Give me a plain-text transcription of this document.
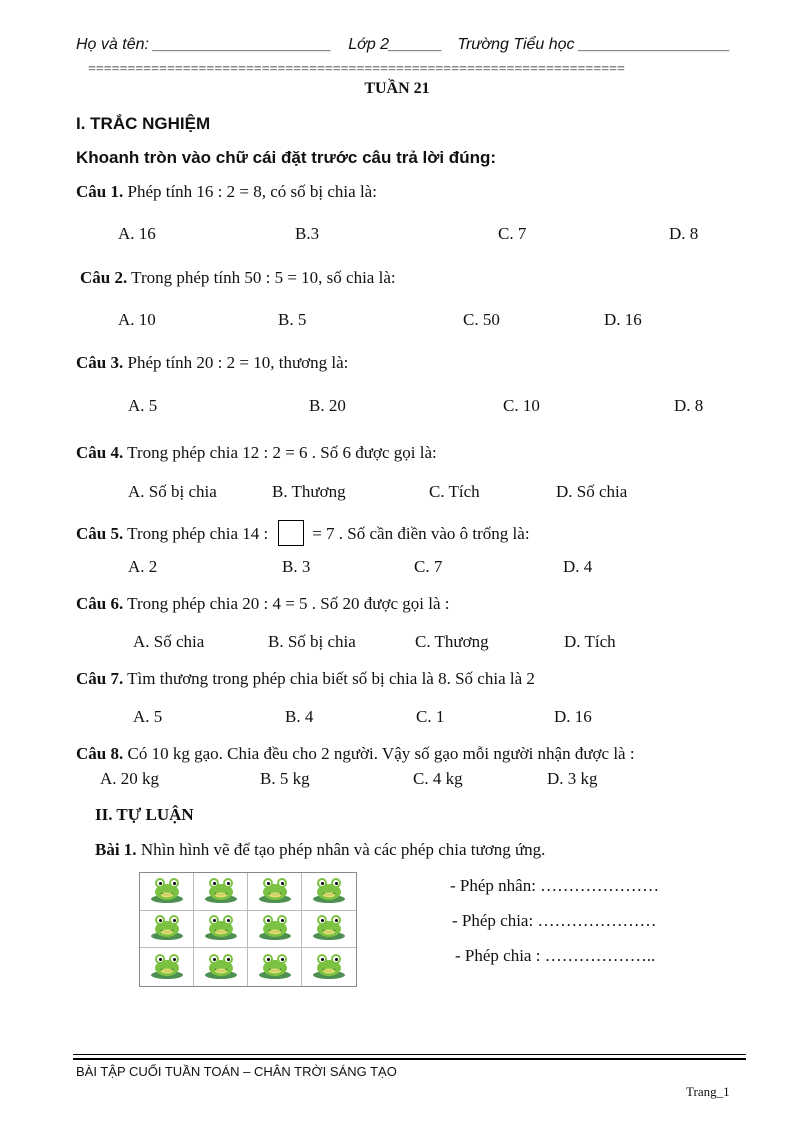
Họ và tên: ____________________ Lớp 2______ Trường Tiểu học _________________
====================================================================
TUẦN 21
I. TRẮC NGHIỆM
Khoanh tròn vào chữ cái đặt trước câu trả lời đúng:
Câu 1. Phép tính 16 : 2 = 8, có số bị chia là:
A. 16	B.3	C. 7	D. 8
Câu 2. Trong phép tính 50 : 5 = 10, số chia là:
A. 10	B. 5	C. 50	D. 16
Câu 3. Phép tính 20 : 2 = 10, thương là:
A. 5	B. 20	C. 10	D. 8
Câu 4. Trong phép chia 12 : 2 = 6 . Số 6 được gọi là:
A. Số bị chia	B. Thương	C. Tích	D. Số chia
Câu 5. Trong phép chia 14 :	= 7 . Số cần điền vào ô trống là:
A. 2	B. 3	C. 7	D. 4
Câu 6. Trong phép chia 20 : 4 = 5 . Số 20 được gọi là :
A. Số chia	B. Số bị chia	C. Thương	D. Tích
Câu 7. Tìm thương trong phép chia biết số bị chia là 8. Số chia là 2
A. 5	B. 4	C. 1	D. 16
Câu 8. Có 10 kg gạo. Chia đều cho 2 người. Vậy số gạo mỗi người nhận được là :
A. 20 kg	B. 5 kg	C. 4 kg	D. 3 kg
II. TỰ LUẬN
Bài 1. Nhìn hình vẽ để tạo phép nhân và các phép chia tương ứng.
- Phép nhân: …………………
- Phép chia: …………………
- Phép chia : ………………..
BÀI TẬP CUỐI TUẦN TOÁN – CHÂN TRỜI SÁNG TẠO
Trang_1
